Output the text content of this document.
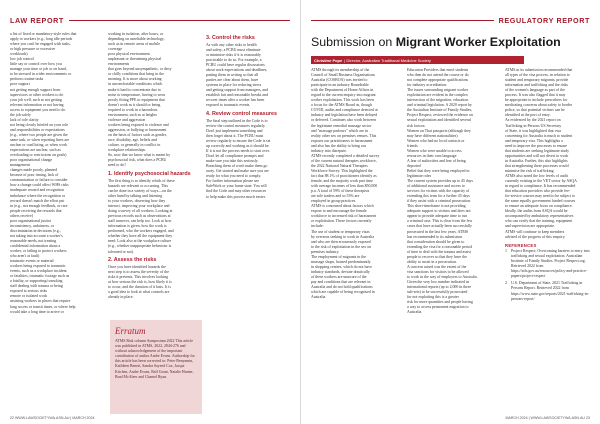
LAW REPORT
a list of fixed or mandatory-style rules that
apply to workers (e.g., long idle periods
where you can't be engaged with tasks,
or high pressure or excessive
workloads)
low job control
little say or control over how you
manage your time or job or on hand,
to be stressed in wider environments or
perform routine tasks
poor support
not getting enough support from
supervisors or other workers to do
your job well, such as not getting
relevant information or not having
access to equipment you need to do
the job safely
lack of role clarity
not being clearly briefed on your role
and responsibilities or expectations
(e.g., where two people are given the
same task, or when reporting lines are
unclear or conflicting, or when work
expectations are unclear, such as
overloading or restrictions on goals)
poor organisational change
management
changes made poorly, planned
because of poor timing, lack of
communication or failure to consider
how a change could affect WHS risks
inadequate reward and recognition
imbalance where the recognition or
reward doesn't match the effort put
in (e.g., not enough feedback, or rare
people receiving the rewards that
others receive)
poor organisational justice
inconsistency, unfairness, or
discrimination in decisions (e.g.,
not taking into account a worker's
reasonable needs, not treating
confidential information about a
worker, or failing to protect workers
who aren't at fault)
traumatic events or material
workers being exposed to traumatic
events, such as a workplace incident
or fatalities, traumatic footage such as
a fatality, or supporting/consoling
staff dealing with trauma or being
exposed to serious risks
remote or isolated work
assisting workers in places that require
long access or transit times, or where help
would take a long time to arrive or
working in isolation, after hours, or
depending on unreliable technology,
such as in remote areas of mobile
coverage
poor physical environment
unpleasant or threatening physical
environments
that goes beyond unsympathetic, or dirty
or chilly conditions that bring in the
morning. It is more about working
in uncomfortable conditions which
make it hard to concentrate due to
noise or temperature, having to wear
poorly fitting PPE or equipment that
doesn't work as it should or being
required to work in a hazardous
environment, such as at heights
violence and aggression
workers being exposed to violence and
aggression, or bullying or harassment
on the basis of factors such as gender,
race, disability, age, beliefs and
culture, or generally in conflict in
workplace relationships.
So, now that we know what is meant by
psychosocial risk, what does a PCBU
need to do?
1. Identify psychosocial hazards
The first thing is to identify which of these
hazards are relevant or occurring. This
can be done in a variety of ways—on the
other hand by talking and listening
to your workers, observing how they
interact, inspecting your workplace and
doing a survey of all workers. Looking at
previous records such as observations at
staff turnover, can help too. Look at how
information is given, how the work is
performed, who the workers engaged, and
whether they have all the equipment they
need. Look also at the workplace culture
(e.g., whether inappropriate behaviour is
tolerated or not).
2. Assess the risks
Once you have identified hazards the
next step is to assess the severity of the
risks it presents. This involves looking
at how serious the risk is, how likely it is
to occur, and the duration of it lasts. It is
a good idea to look at what controls are
already in place.
3. Control the risks
As with any other risks to health
and safety, a PCBU must eliminate
or minimise risks if it is reasonably
practicable to do so. For example, a
PCBU could have regular discussions
about work expectations and deadlines,
putting them in writing so that all
parties are clear about them, have
systems in place for reducing stress
and getting support from managers, and
establish fair and reasonable breaks and
recover times after a worker has been
exposed to traumatic events.
4. Review control measures
The final step outlined in the Code is to
review the control measures regularly.
Don't just implement something and
then forget about it. The PCBU must
review regularly to ensure the Code is set
up correctly and working as it should be.
If it is not the process needs to start over.
Don't let all compliance prompts and
make sure you take this seriously.
Breaching them of won't make them go
away. Get started and make sure you are
ready for what you need to comply.
For further information please see
SafeWork or your home state. You will
find the Code and may other resources
to help make this process much easier.
Erratum
ATMS Risk column Symposium 2022 This article was published in ATMS, 2022, 2844-276 and without acknowledgement of the important contribution of author Andre Evans. Authorship for this article has been corrected to: Peter Benyamin, Kathleen Benett, Sandra Sayeed Cox, Jacqui Kitchen, Andre Evans, Ralf Grant, Natalie Hunter, Brad McAleer and Chantel Ryan.
22 WWW.LAWSOCIETYWA.ASN.AU | MARCH 2024
REGULATORY REPORT
Submission on Migrant Worker Exploitation
Christine Pope | Director, Australian Traditional Medicine Society
ATMS through its membership of the
Council of Small Business Organisations
Australia (COSBOA) was invited to
participate in an industry Roundtable
with the Department of Home Affairs in
regard to the current enquiry into migrant
worker exploitation. This work has been
a focus for the ATMS Board as, though
COVID, audits and compliance detected at
industry and legislation have been delayed
or deferred. Continues also work between
the legitimate remedial massage sector
and "massage parlours" which are in
reality other sex on premises venues. This
exposes our practitioners to harassment
and also has the ability to bring our
industry into disrepute.
ATMS recently completed a detailed survey
of the current natural therapies workforce,
the 2022 National Natural Therapies
Workforce Survey. This highlighted the
fact that 88.1% of practitioners identify as
female, and the majority work part time
with average incomes of less than $50,000
p.a. A total of 59% of these therapists
are sole traders and so 53% are
employed in group practices.
ATMS is concerned about factors which
expose to and encourage the female
workforce to increased risk of harassment
or exploitation. These factors currently
include:
The use of student or temporary visas
by overseas seeking to work in Australia
and who are then erroneously exposed
to the risk of exploitation in the sex on
premises industry.
The employment of migrants in the
massage shops, housed predominantly
in shopping centres, which do not have
industry standards, deviate drastically
of these workers are unaware of the
pay and conditions that are relevant in
Australia and do not hold qualifications
which are capable of being recognised in
Australia.
Education Providers that enrol students
who then do not attend the course or do
not complete appropriate qualifications
for industry accreditation.
The issues surrounding migrant worker
exploitation are evident in the complex
intersection of the migration, education
and criminal legislation. A 2020 report by
the Australian Institute of Family Studies,
Project Respect, reviewed the evidence on
sexual exploitation and identified several
risk factors:
Women on Thai passports (although they
may have different nationalities)
Women who had no local contacts or
friends
Women who were unable to access
resources in their own language
A fear of authorities and fear of being
deported
Belief that they were being employed in
legitimate roles
The current system provides up to 45 days
of additional assistance and access to
services for victims with the capacity of
extending this term for a further 45 days
if they assist with a criminal prosecution.
This short-timeframe is not providing
adequate support to victims and does not
appear to provide adequate time to run
a criminal case. This is clear from the few
cases that have actually been successfully
prosecuted in the last few years. ATMS
has recommended to its submission
that consideration should be given to
extending the visa for a reasonable period
of time to deal with the trauma and assist
people to recover so that they have the
ability to assist in a prosecution.
A concern raised was the extent of the
visa sanctions for visitors to be allowed
to work in the way of employers to Australia.
Given the very low number indicated in
international reports (up to 2,000 in three
sub-sets) to be successfully prosecuted
for not exploiting this is a greater
risk for more quantities and people having
a way to access permanent migration to
Australia.
ATMS in its submission recommended that
all types of the visa process, in relation to
student and temporary migrants, provide
information and trafficking and the risks
of the women's language as part of the
process. It was also flagged that it may
be appropriate to include prescribers for
medicating concerns about safety to border
police, so that potential victims can be
identified at the port of entry.
As evidenced by the 2021 report on
Trafficking in Persons US Secretary
of State, it was highlighted that visa
concerning for Australia is much to student
and temporary visa. This highlights a
need to improve the processes to ensure
that students are seeking legitimate study
opportunities and will not divert to work
in Australia. Further, this also highlights
that strengthening these processes would
minimise the risk of trafficking.
ATMS also noted the low levels of audit
currently existing in the VET sector by ASQA
in regard to compliance. It has recommended
that education providers who provide fee-
for-service courses may need to be subject to
the same equally government funded courses
to ensure an adequate focus on compliance.
Ideally, the audits from ASQA would be
accompanied by ambulatory representatives
who can verify that the training, equipment
and supervision are appropriate.
ATMS will continue to keep members
advised of the progress of this enquiry.
REFERENCES
1	Project Respect: Overcoming barriers to entry into trafficking and sexual exploitation. Australian Institute of Family Studies. Project Respect.org. Retrieved 2022 from https://aifs.gov.au/resources/policy-and-practice-papers/project-respect
2	U.S. Department of State. 2021 Trafficking in Persons Report. Retrieved 2022 from https://www.state.gov/reports/2021-trafficking-in-persons-report/
MARCH 2024 | WWW.LAWSOCIETYWA.ASN.AU 23
